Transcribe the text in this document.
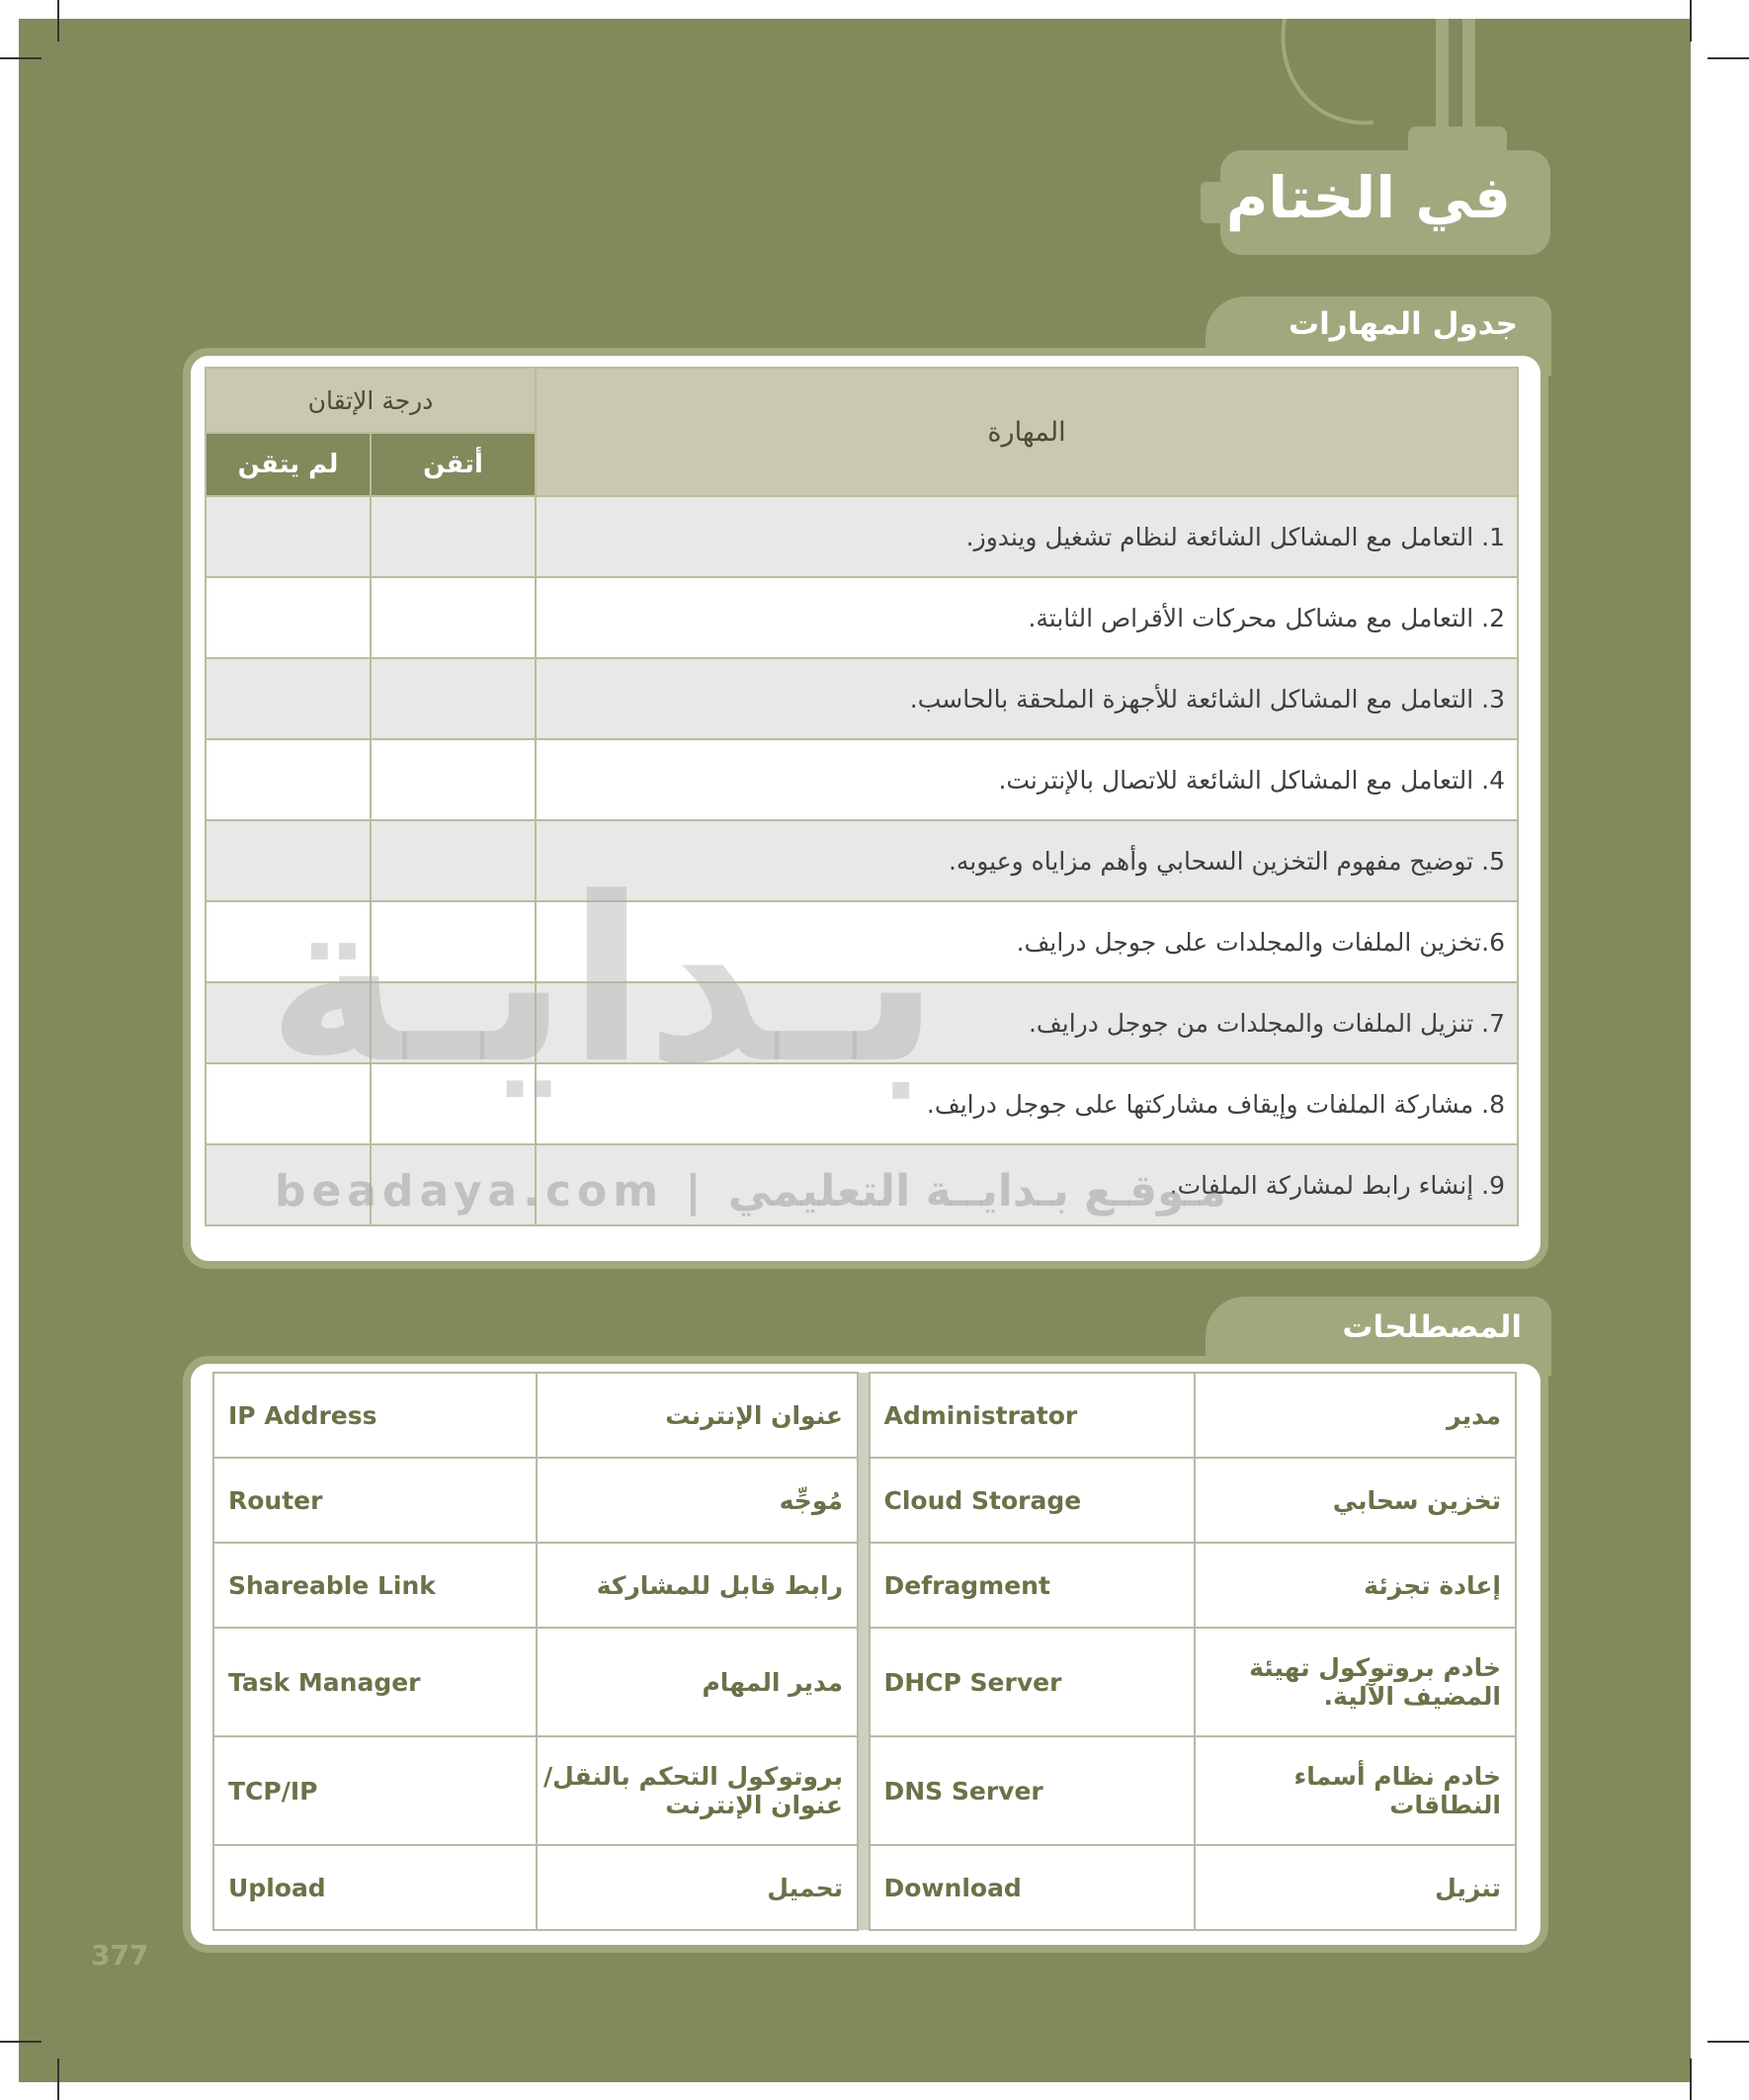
في الختام
جدول المهارات
المهارة	درجة الإتقان	
	أتقن	لم يتقن
1. التعامل مع المشاكل الشائعة لنظام تشغيل ويندوز.		
2. التعامل مع مشاكل محركات الأقراص الثابتة.		
3. التعامل مع المشاكل الشائعة للأجهزة الملحقة بالحاسب.		
4. التعامل مع المشاكل الشائعة للاتصال بالإنترنت.		
5. توضيح مفهوم التخزين السحابي وأهم مزاياه وعيوبه.		
6.تخزين الملفات والمجلدات على جوجل درايف.		
7. تنزيل الملفات والمجلدات من جوجل درايف.		
8. مشاركة الملفات وإيقاف مشاركتها على جوجل درايف.		
9. إنشاء رابط لمشاركة الملفات.		
بـدايـة
beadaya.com | مـوقـع بـدايــة التعليمي
المصطلحات
مدير	Administrator		عنوان الإنترنت	IP Address
تخزين سحابي	Cloud Storage		مُوجِّه	Router
إعادة تجزئة	Defragment		رابط قابل للمشاركة	Shareable Link
خادم بروتوكول تهيئة المضيف الآلية.	DHCP Server		مدير المهام	Task Manager
خادم نظام أسماء النطاقات	DNS Server		بروتوكول التحكم بالنقل/ عنوان الإنترنت	TCP/IP
تنزيل	Download		تحميل	Upload
377
